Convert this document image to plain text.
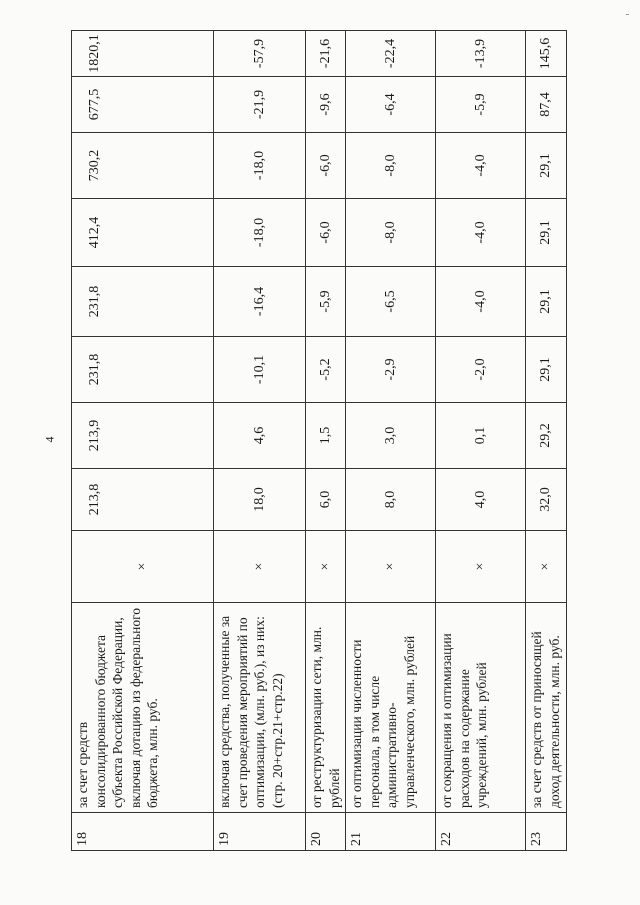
4
18	за счет средств консолидированного бюджета субъекта Российской Федерации, включая дотацию из федерального бюджета, млн. руб.	×	213,8	213,9	231,8	231,8	412,4	730,2	677,5	1820,1
19	включая средства, полученные за счет проведения мероприятий по оптимизации, (млн. руб.), из них: (стр. 20+стр.21+стр.22)	×	18,0	4,6	-10,1	-16,4	-18,0	-18,0	-21,9	-57,9
20	от реструктуризации сети, млн. рублей	×	6,0	1,5	-5,2	-5,9	-6,0	-6,0	-9,6	-21,6
21	от оптимизации численности персонала, в том числе административно-управленческого, млн. рублей	×	8,0	3,0	-2,9	-6,5	-8,0	-8,0	-6,4	-22,4
22	от сокращения и оптимизации расходов на содержание учреждений, млн. рублей	×	4,0	0,1	-2,0	-4,0	-4,0	-4,0	-5,9	-13,9
23	за счет средств от приносящей доход деятельности, млн. руб.	×	32,0	29,2	29,1	29,1	29,1	29,1	87,4	145,6
